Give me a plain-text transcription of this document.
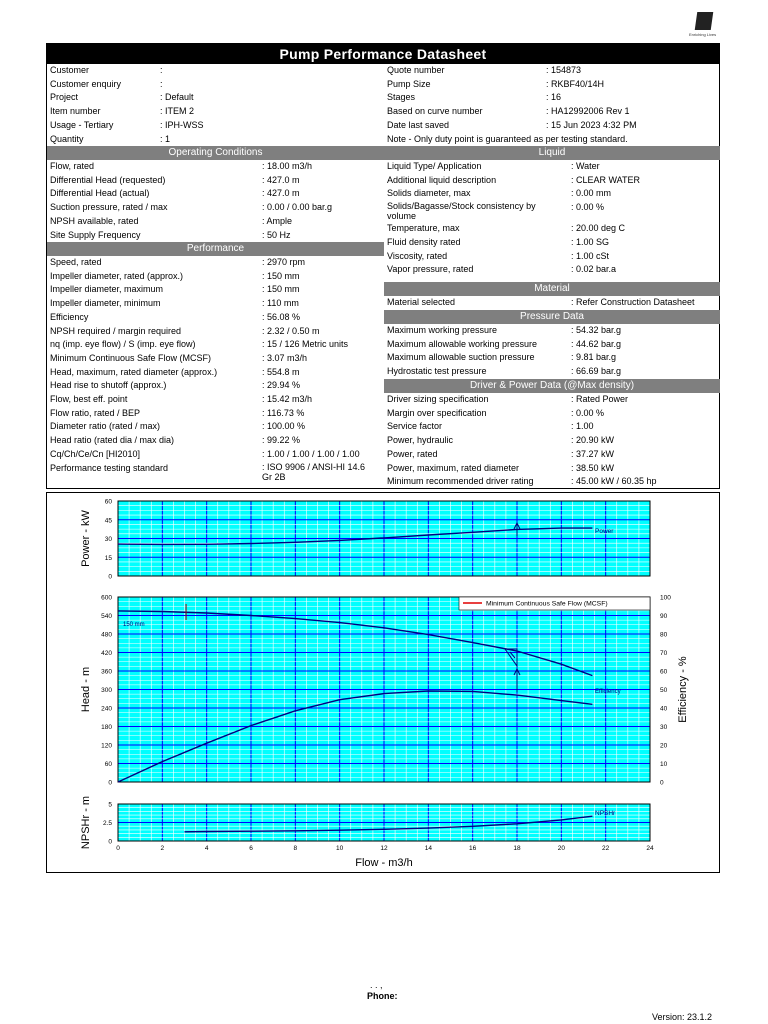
Enriching Lives
Pump Performance Datasheet
Customer	:
Customer enquiry	:
Project	: Default
Item number	: ITEM 2
Usage - Tertiary	: IPH-WSS
Quantity	: 1
Quote number	: 154873
Pump Size	: RKBF40/14H
Stages	: 16
Based on curve number	: HA12992006 Rev 1
Date last saved	: 15 Jun 2023 4:32 PM
Note - Only duty point is guaranteed as per testing standard.
Operating Conditions
Flow, rated	: 18.00 m3/h
Differential Head (requested)	: 427.0 m
Differential Head (actual)	: 427.0 m
Suction pressure, rated / max	: 0.00 / 0.00 bar.g
NPSH available, rated	: Ample
Site Supply Frequency	: 50 Hz
Performance
Speed, rated	: 2970 rpm
Impeller diameter, rated (approx.)	: 150 mm
Impeller diameter, maximum	: 150 mm
Impeller diameter, minimum	: 110 mm
Efficiency	: 56.08 %
NPSH required / margin required	: 2.32 / 0.50 m
nq (imp. eye flow) / S (imp. eye flow)	: 15 / 126 Metric units
Minimum Continuous Safe Flow (MCSF)	: 3.07 m3/h
Head, maximum, rated diameter (approx.)	: 554.8 m
Head rise to shutoff (approx.)	: 29.94 %
Flow, best eff. point	: 15.42 m3/h
Flow ratio, rated / BEP	: 116.73 %
Diameter ratio (rated / max)	: 100.00 %
Head ratio (rated dia / max dia)	: 99.22 %
Cq/Ch/Ce/Cn [HI2010]	: 1.00 / 1.00 / 1.00 / 1.00
Performance testing standard	: ISO 9906 / ANSI-HI 14.6 Gr 2B
Liquid
Liquid Type/ Application	: Water
Additional liquid description	: CLEAR WATER
Solids diameter, max	: 0.00 mm
Solids/Bagasse/Stock consistency by volume
: 0.00 %
Temperature, max	: 20.00 deg C
Fluid density rated	: 1.00 SG
Viscosity, rated	: 1.00 cSt
Vapor pressure, rated	: 0.02 bar.a
Material
Material selected	: Refer Construction Datasheet
Pressure Data
Maximum working pressure	: 54.32 bar.g
Maximum allowable working pressure	: 44.62 bar.g
Maximum allowable suction pressure	: 9.81 bar.g
Hydrostatic test pressure	: 66.69 bar.g
Driver & Power Data (@Max density)
Driver sizing specification	: Rated Power
Margin over specification	: 0.00 %
Service factor	: 1.00
Power, hydraulic	: 20.90 kW
Power, rated	: 37.27 kW
Power, maximum, rated diameter	: 38.50 kW
Minimum recommended driver rating	: 45.00 kW / 60.35 hp
0
15
30
45
60
Power - kW
0
60
120
180
240
300
360
420
480
540
600
Head - m
0
2.5
5
NPSHr - m
0
10
20
30
40
50
60
70
80
90
100
Efficiency - %
Minimum Continuous Safe Flow (MCSF)
150 mm
Efficiency
Power
NPSHr
0	2	4	6	8	10	12	14	16	18	20	22	24
Flow - m3/h
. . ,
Phone:
Version: 23.1.2
